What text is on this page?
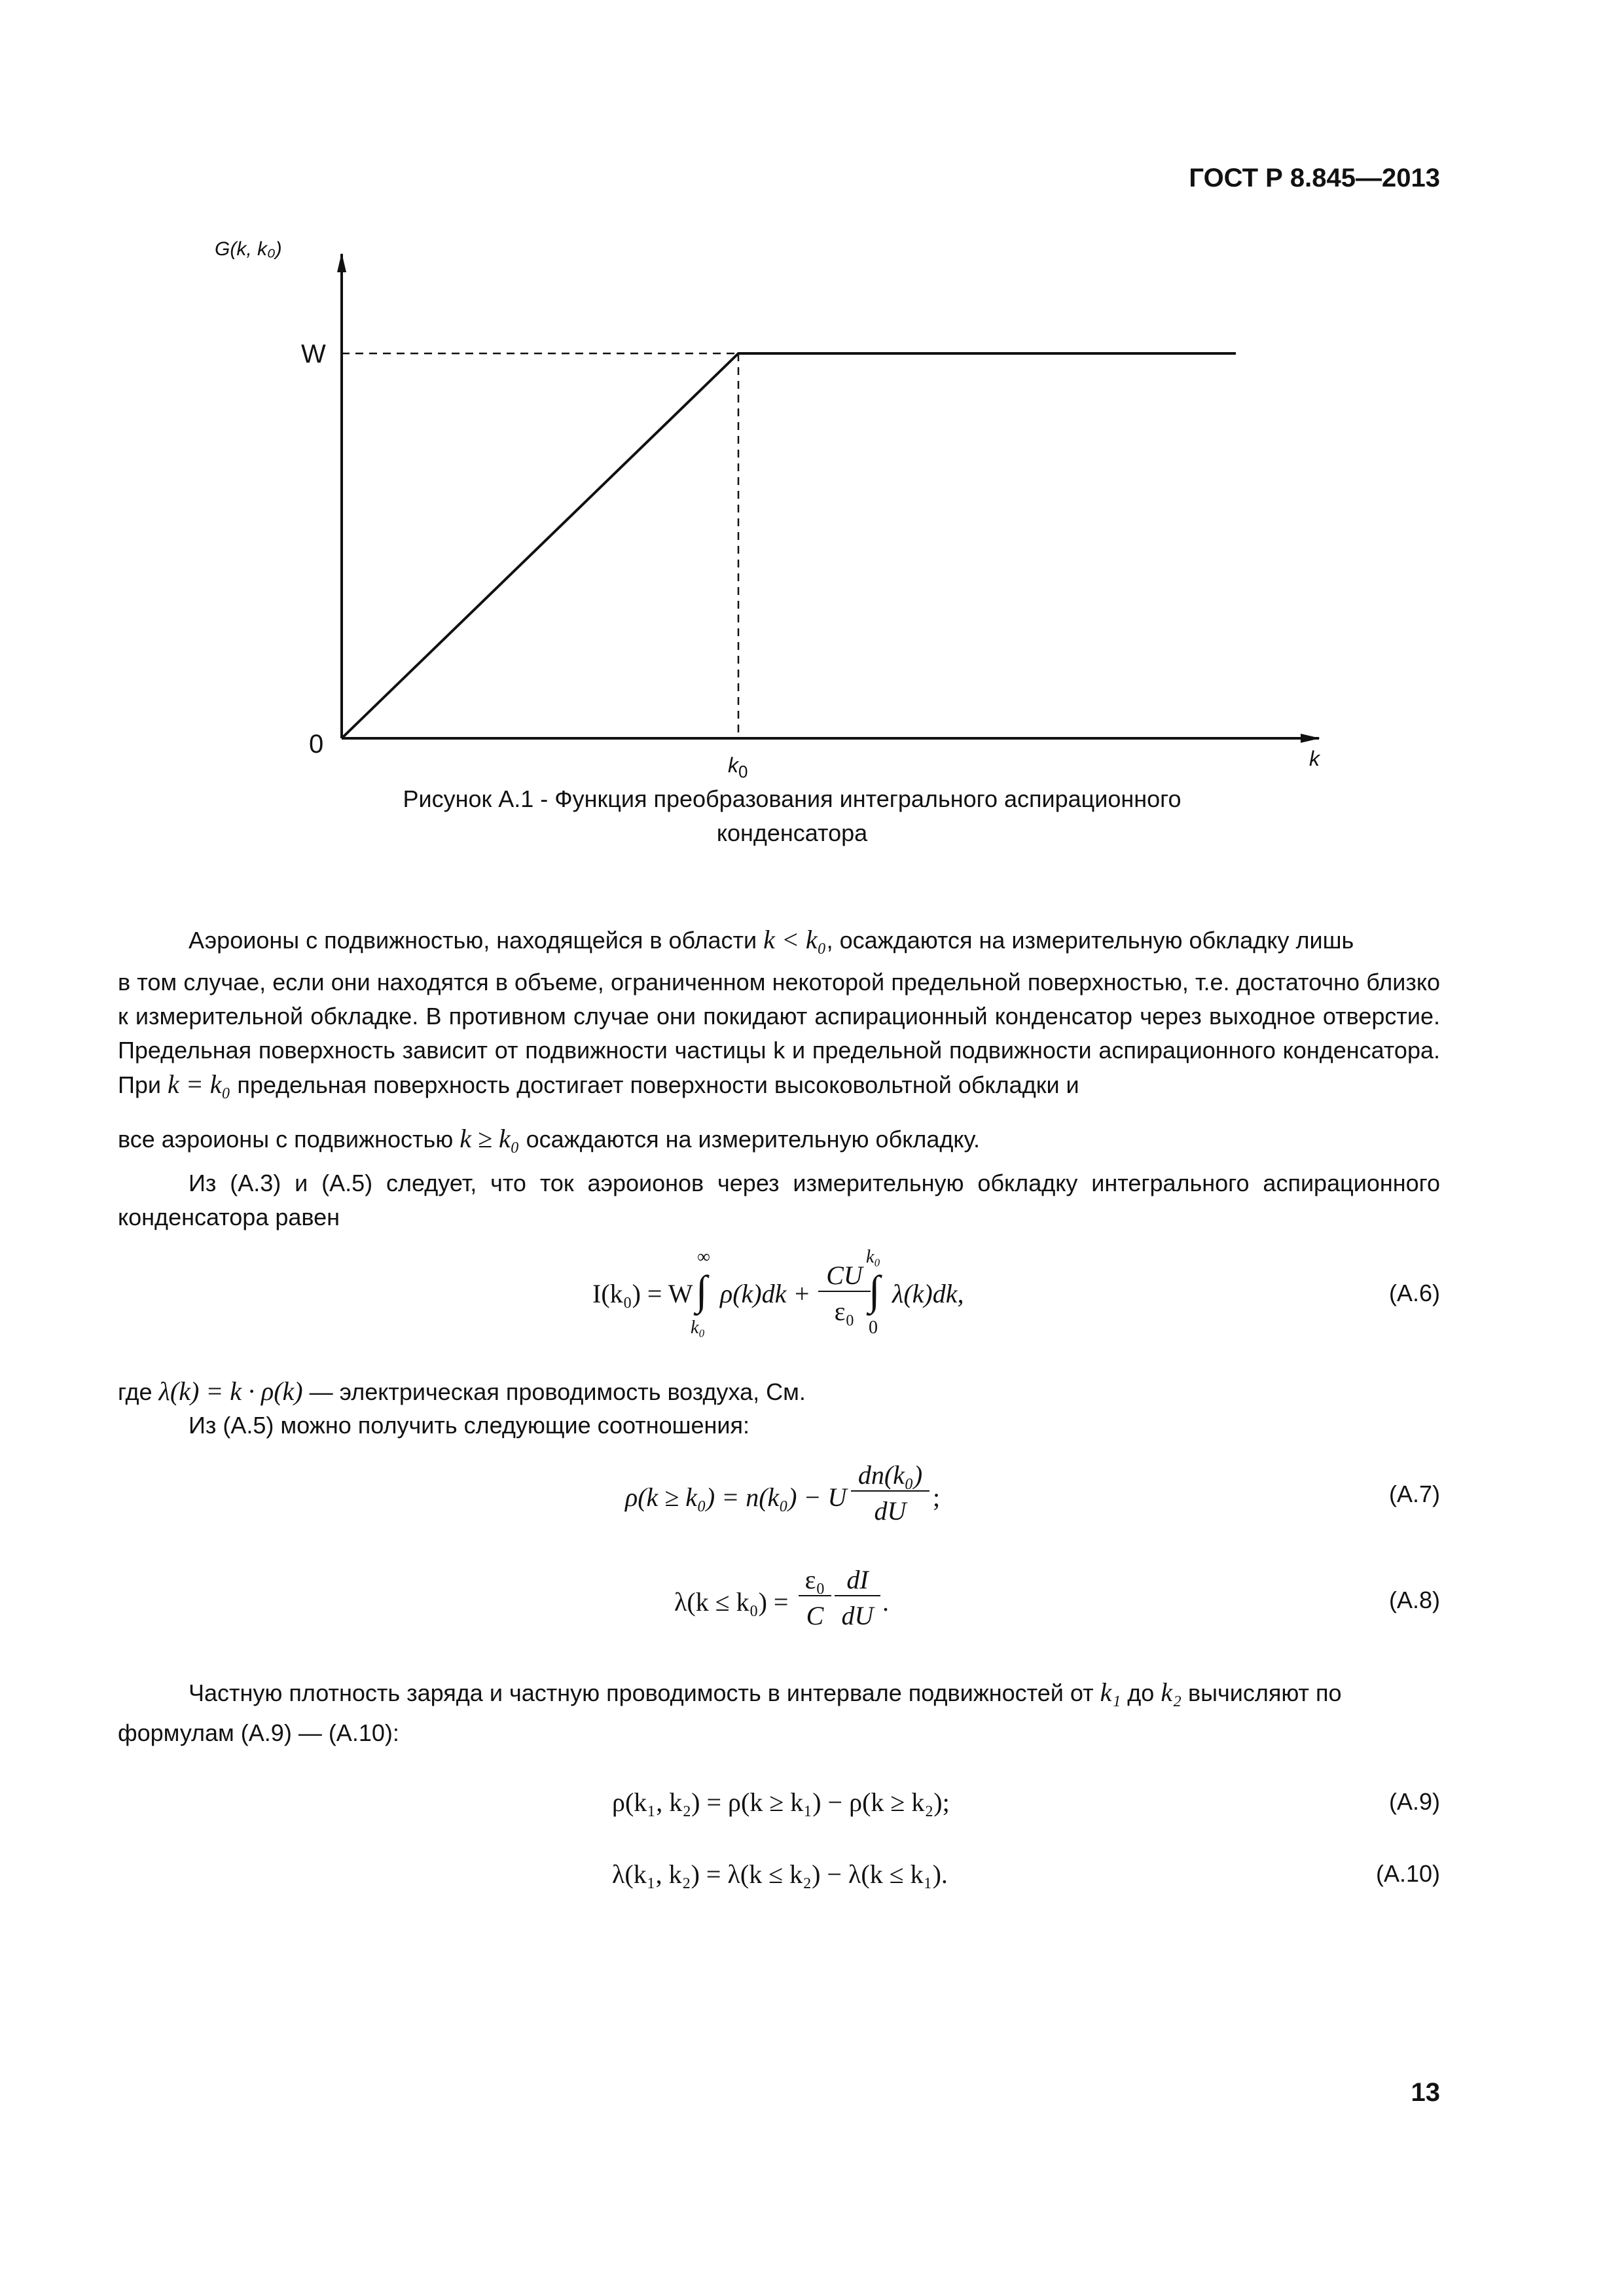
ГОСТ Р 8.845—2013
G(k, k₀)
W
0
$k_0$
k
Рисунок А.1 - Функция преобразования интегрального аспирационного
конденсатора
Аэроионы с подвижностью, находящейся в области k < k₀, осаждаются на измерительную обкладку лишь
в том случае, если они находятся в объеме, ограниченном некоторой предельной поверхностью, т.е. достаточно близко к измерительной обкладке. В противном случае они покидают аспирационный конденсатор через выходное отверстие. Предельная поверхность зависит от подвижности частицы k и предельной подвижности аспирационного конденсатора. При k = k₀ предельная поверхность достигает поверхности высоковольтной обкладки и
все аэроионы с подвижностью k ≥ k₀ осаждаются на измерительную обкладку.
Из (А.3) и (А.5) следует, что ток аэроионов через измерительную обкладку интегрального аспирационного конденсатора равен
I(k₀) = W
∞
∫
k₀
ρ(k)dk +
CU
ε₀
k₀
∫
0
λ(k)dk,	(А.6)
где λ(k) = k · ρ(k) — электрическая проводимость воздуха, См.
Из (А.5) можно получить следующие соотношения:
ρ(k ≥ k₀) = n(k₀) − U
dn(k₀)
dU	;	(А.7)
λ(k ≤ k₀) =
ε₀
C
dI
dU .	(А.8)
Частную плотность заряда и частную проводимость в интервале подвижностей от k₁ до k₂ вычисляют по
формулам (А.9) — (А.10):
ρ(k₁, k₂) = ρ(k ≥ k₁) − ρ(k ≥ k₂);	(А.9)
λ(k₁, k₂) = λ(k ≤ k₂) − λ(k ≤ k₁).	(А.10)
13
